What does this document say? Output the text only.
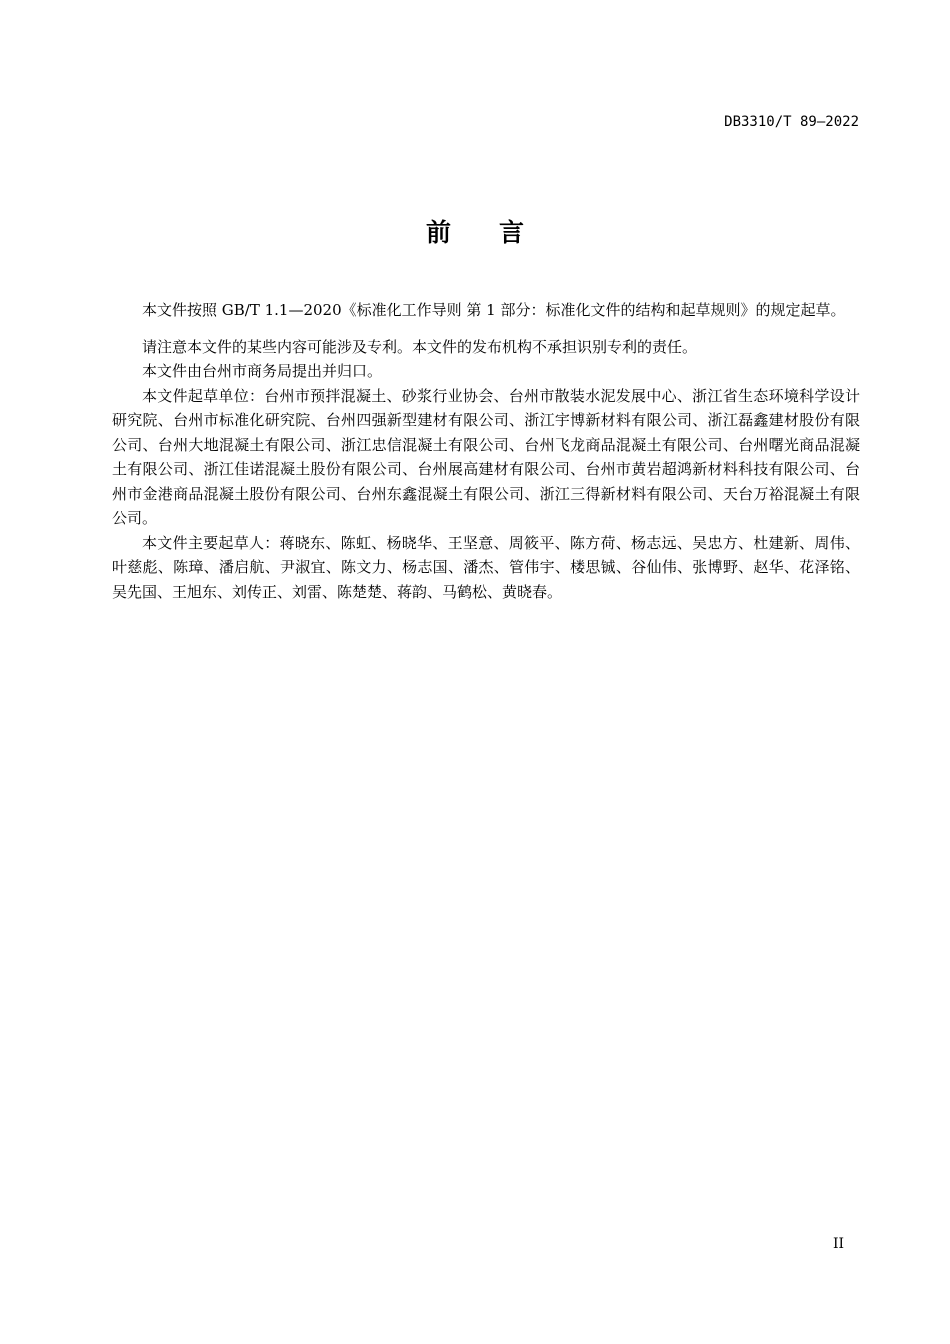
DB3310/T 89—2022
前言

本文件按照 GB/T 1.1—2020《标准化工作导则 第 1 部分：标准化文件的结构和起草规则》的规定起草。

请注意本文件的某些内容可能涉及专利。本文件的发布机构不承担识别专利的责任。

本文件由台州市商务局提出并归口。

本文件起草单位：台州市预拌混凝土、砂浆行业协会、台州市散装水泥发展中心、浙江省生态环境科学设计研究院、台州市标准化研究院、台州四强新型建材有限公司、浙江宇博新材料有限公司、浙江磊鑫建材股份有限公司、台州大地混凝土有限公司、浙江忠信混凝土有限公司、台州飞龙商品混凝土有限公司、台州曙光商品混凝土有限公司、浙江佳诺混凝土股份有限公司、台州展高建材有限公司、台州市黄岩超鸿新材料科技有限公司、台州市金港商品混凝土股份有限公司、台州东鑫混凝土有限公司、浙江三得新材料有限公司、天台万裕混凝土有限公司。

本文件主要起草人：蒋晓东、陈虹、杨晓华、王坚意、周筱平、陈方荷、杨志远、吴忠方、杜建新、周伟、叶慈彪、陈璋、潘启航、尹淑宜、陈文力、杨志国、潘杰、管伟宇、楼思铖、谷仙伟、张博野、赵华、花泽铭、吴先国、王旭东、刘传正、刘雷、陈楚楚、蒋韵、马鹤松、黄晓春。

II
